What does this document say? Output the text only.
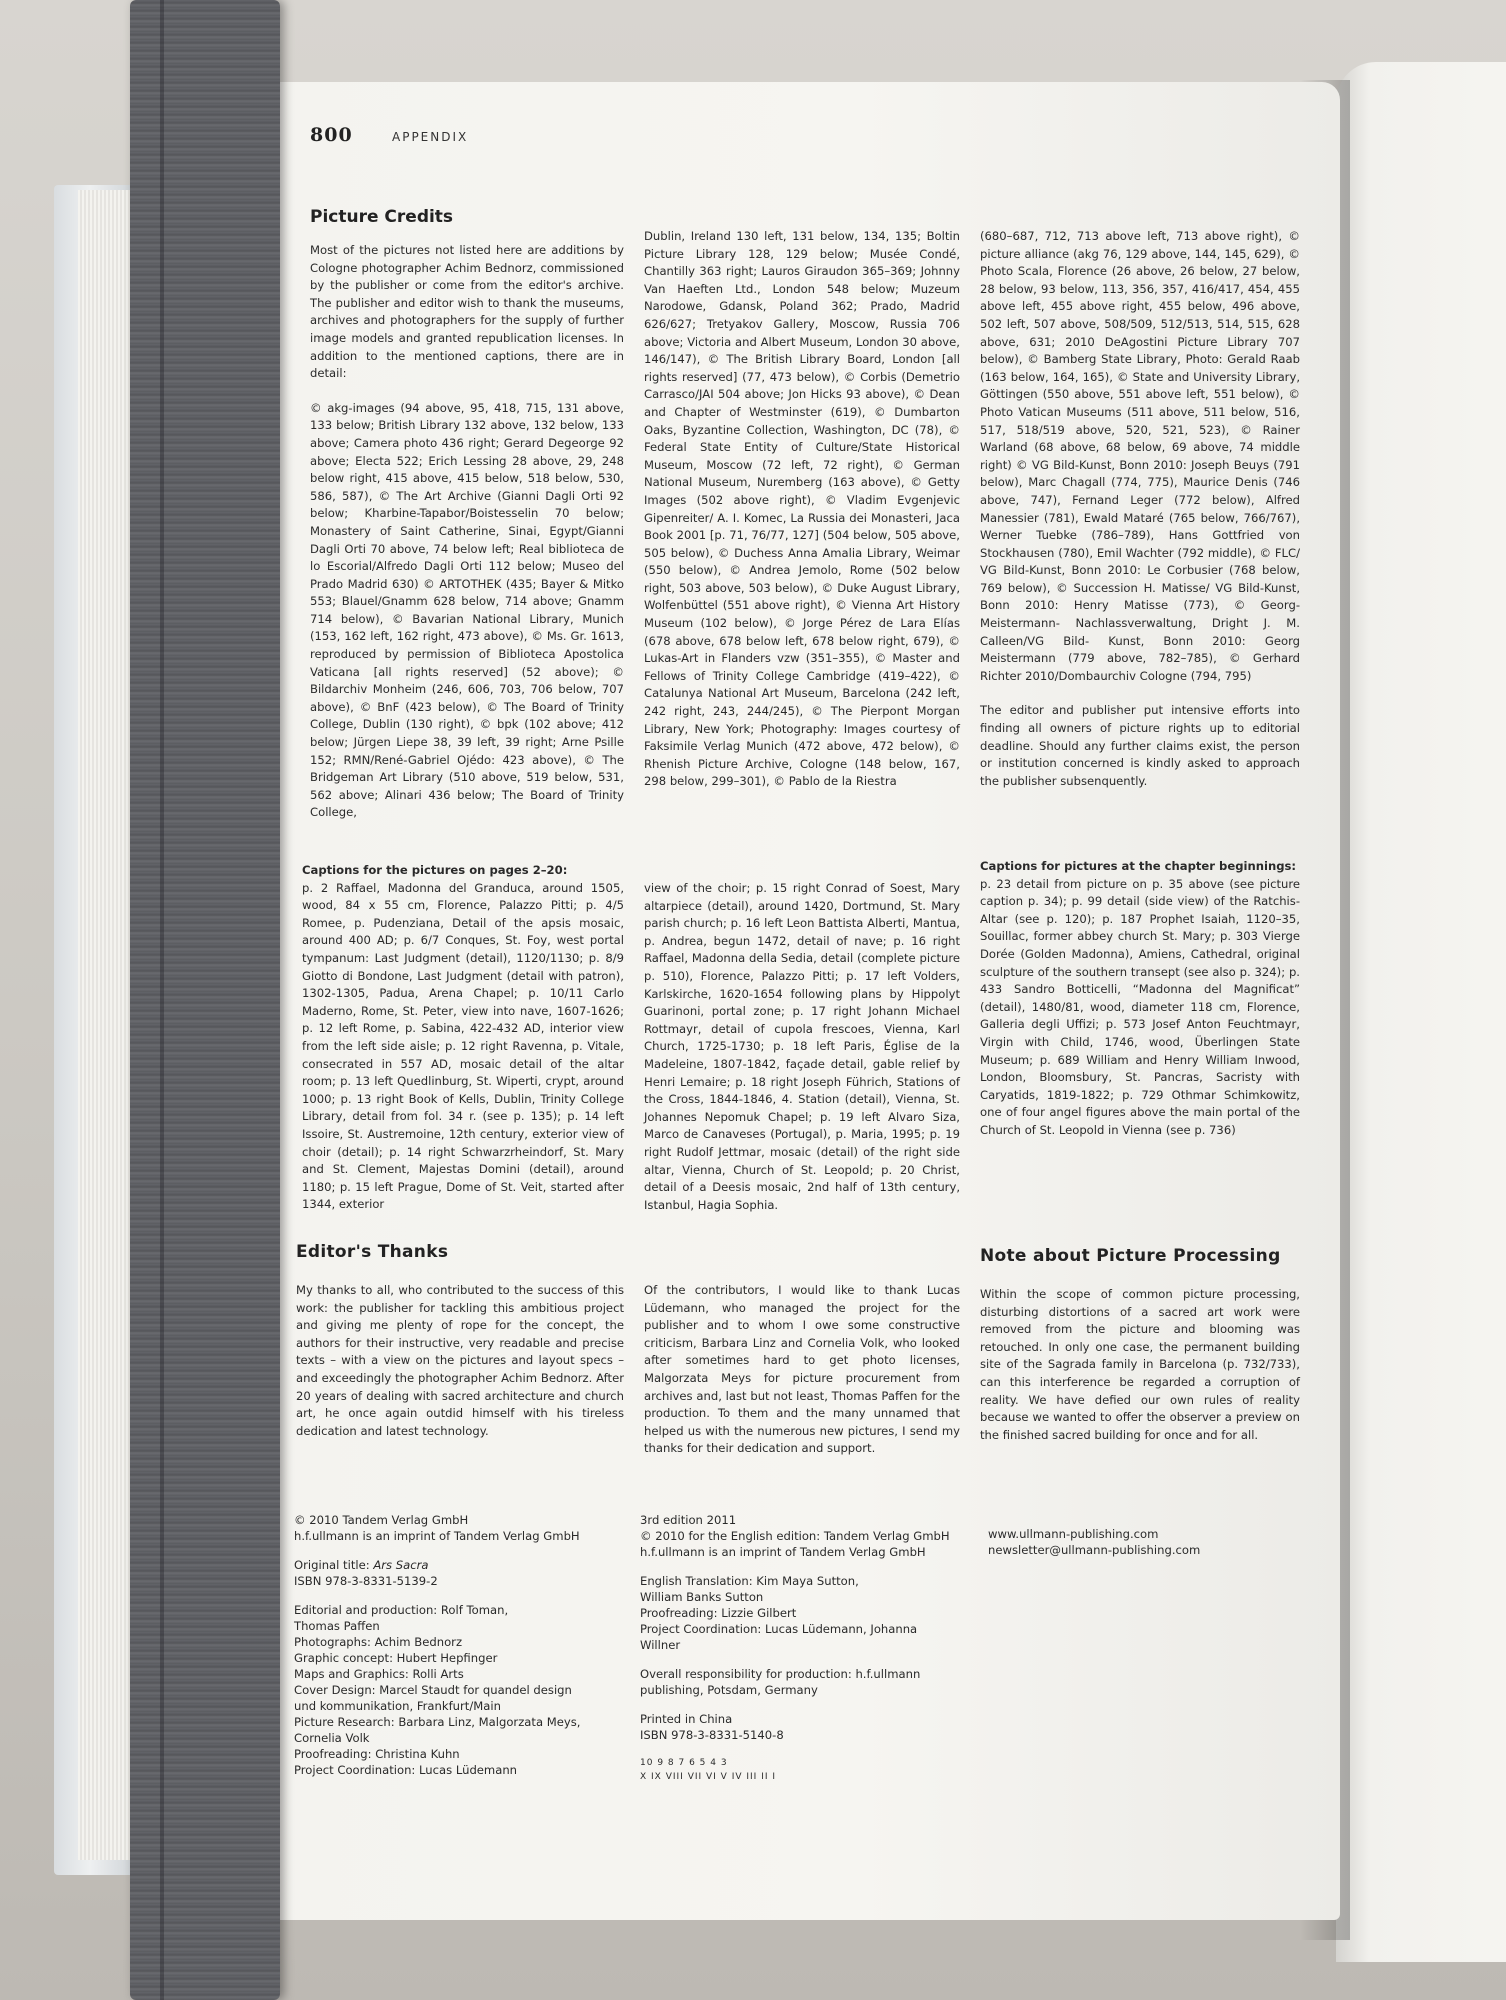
800	APPENDIX
Picture Credits

Most of the pictures not listed here are additions by Cologne photographer Achim Bednorz, commissioned by the publisher or come from the editor's archive. The publisher and editor wish to thank the museums, archives and photographers for the supply of further image models and granted republication licenses. In addition to the mentioned captions, there are in detail:

© akg-images (94 above, 95, 418, 715, 131 above, 133 below; British Library 132 above, 132 below, 133 above; Camera photo 436 right; Gerard Degeorge 92 above; Electa 522; Erich Lessing 28 above, 29, 248 below right, 415 above, 415 below, 518 below, 530, 586, 587), © The Art Archive (Gianni Dagli Orti 92 below; Kharbine-Tapabor/Boistesselin 70 below; Monastery of Saint Catherine, Sinai, Egypt/Gianni Dagli Orti 70 above, 74 below left; Real biblioteca de lo Escorial/Alfredo Dagli Orti 112 below; Museo del Prado Madrid 630) © ARTOTHEK (435; Bayer & Mitko 553; Blauel/Gnamm 628 below, 714 above; Gnamm 714 below), © Bavarian National Library, Munich (153, 162 left, 162 right, 473 above), © Ms. Gr. 1613, reproduced by permission of Biblioteca Apostolica Vaticana [all rights reserved] (52 above); © Bildarchiv Monheim (246, 606, 703, 706 below, 707 above), © BnF (423 below), © The Board of Trinity College, Dublin (130 right), © bpk (102 above; 412 below; Jürgen Liepe 38, 39 left, 39 right; Arne Psille 152; RMN/René-Gabriel Ojédo: 423 above), © The Bridgeman Art Library (510 above, 519 below, 531, 562 above; Alinari 436 below; The Board of Trinity College,

Dublin, Ireland 130 left, 131 below, 134, 135; Boltin Picture Library 128, 129 below; Musée Condé, Chantilly 363 right; Lauros Giraudon 365–369; Johnny Van Haeften Ltd., London 548 below; Muzeum Narodowe, Gdansk, Poland 362; Prado, Madrid 626/627; Tretyakov Gallery, Moscow, Russia 706 above; Victoria and Albert Museum, London 30 above, 146/147), © The British Library Board, London [all rights reserved] (77, 473 below), © Corbis (Demetrio Carrasco/JAI 504 above; Jon Hicks 93 above), © Dean and Chapter of Westminster (619), © Dumbarton Oaks, Byzantine Collection, Washington, DC (78), © Federal State Entity of Culture/State Historical Museum, Moscow (72 left, 72 right), © German National Museum, Nuremberg (163 above), © Getty Images (502 above right), © Vladim Evgenjevic Gipenreiter/ A. I. Komec, La Russia dei Monasteri, Jaca Book 2001 [p. 71, 76/77, 127] (504 below, 505 above, 505 below), © Duchess Anna Amalia Library, Weimar (550 below), © Andrea Jemolo, Rome (502 below right, 503 above, 503 below), © Duke August Library, Wolfenbüttel (551 above right), © Vienna Art History Museum (102 below), © Jorge Pérez de Lara Elías (678 above, 678 below left, 678 below right, 679), © Lukas-Art in Flanders vzw (351–355), © Master and Fellows of Trinity College Cambridge (419–422), © Catalunya National Art Museum, Barcelona (242 left, 242 right, 243, 244/245), © The Pierpont Morgan Library, New York; Photography: Images courtesy of Faksimile Verlag Munich (472 above, 472 below), © Rhenish Picture Archive, Cologne (148 below, 167, 298 below, 299–301), © Pablo de la Riestra

(680–687, 712, 713 above left, 713 above right), © picture alliance (akg 76, 129 above, 144, 145, 629), © Photo Scala, Florence (26 above, 26 below, 27 below, 28 below, 93 below, 113, 356, 357, 416/417, 454, 455 above left, 455 above right, 455 below, 496 above, 502 left, 507 above, 508/509, 512/513, 514, 515, 628 above, 631; 2010 DeAgostini Picture Library 707 below), © Bamberg State Library, Photo: Gerald Raab (163 below, 164, 165), © State and University Library, Göttingen (550 above, 551 above left, 551 below), © Photo Vatican Museums (511 above, 511 below, 516, 517, 518/519 above, 520, 521, 523), © Rainer Warland (68 above, 68 below, 69 above, 74 middle right) © VG Bild-Kunst, Bonn 2010: Joseph Beuys (791 below), Marc Chagall (774, 775), Maurice Denis (746 above, 747), Fernand Leger (772 below), Alfred Manessier (781), Ewald Mataré (765 below, 766/767), Werner Tuebke (786–789), Hans Gottfried von Stockhausen (780), Emil Wachter (792 middle), © FLC/ VG Bild-Kunst, Bonn 2010: Le Corbusier (768 below, 769 below), © Succession H. Matisse/ VG Bild-Kunst, Bonn 2010: Henry Matisse (773), © Georg-Meistermann- Nachlassverwaltung, Dright J. M. Calleen/VG Bild- Kunst, Bonn 2010: Georg Meistermann (779 above, 782–785), © Gerhard Richter 2010/Dombaurchiv Cologne (794, 795)

The editor and publisher put intensive efforts into finding all owners of picture rights up to editorial deadline. Should any further claims exist, the person or institution concerned is kindly asked to approach the publisher subsenquently.

Captions for the pictures on pages 2–20:

p. 2 Raffael, Madonna del Granduca, around 1505, wood, 84 x 55 cm, Florence, Palazzo Pitti; p. 4/5 Romee, p. Pudenziana, Detail of the apsis mosaic, around 400 AD; p. 6/7 Conques, St. Foy, west portal tympanum: Last Judgment (detail), 1120/1130; p. 8/9 Giotto di Bondone, Last Judgment (detail with patron), 1302-1305, Padua, Arena Chapel; p. 10/11 Carlo Maderno, Rome, St. Peter, view into nave, 1607-1626; p. 12 left Rome, p. Sabina, 422-432 AD, interior view from the left side aisle; p. 12 right Ravenna, p. Vitale, consecrated in 557 AD, mosaic detail of the altar room; p. 13 left Quedlinburg, St. Wiperti, crypt, around 1000; p. 13 right Book of Kells, Dublin, Trinity College Library, detail from fol. 34 r. (see p. 135); p. 14 left Issoire, St. Austremoine, 12th century, exterior view of choir (detail); p. 14 right Schwarzrheindorf, St. Mary and St. Clement, Majestas Domini (detail), around 1180; p. 15 left Prague, Dome of St. Veit, started after 1344, exterior

view of the choir; p. 15 right Conrad of Soest, Mary altarpiece (detail), around 1420, Dortmund, St. Mary parish church; p. 16 left Leon Battista Alberti, Mantua, p. Andrea, begun 1472, detail of nave; p. 16 right Raffael, Madonna della Sedia, detail (complete picture p. 510), Florence, Palazzo Pitti; p. 17 left Volders, Karlskirche, 1620-1654 following plans by Hippolyt Guarinoni, portal zone; p. 17 right Johann Michael Rottmayr, detail of cupola frescoes, Vienna, Karl Church, 1725-1730; p. 18 left Paris, Église de la Madeleine, 1807-1842, façade detail, gable relief by Henri Lemaire; p. 18 right Joseph Führich, Stations of the Cross, 1844-1846, 4. Station (detail), Vienna, St. Johannes Nepomuk Chapel; p. 19 left Alvaro Siza, Marco de Canaveses (Portugal), p. Maria, 1995; p. 19 right Rudolf Jettmar, mosaic (detail) of the right side altar, Vienna, Church of St. Leopold; p. 20 Christ, detail of a Deesis mosaic, 2nd half of 13th century, Istanbul, Hagia Sophia.

Captions for pictures at the chapter beginnings:

p. 23 detail from picture on p. 35 above (see picture caption p. 34); p. 99 detail (side view) of the Ratchis-Altar (see p. 120); p. 187 Prophet Isaiah, 1120–35, Souillac, former abbey church St. Mary; p. 303 Vierge Dorée (Golden Madonna), Amiens, Cathedral, original sculpture of the southern transept (see also p. 324); p. 433 Sandro Botticelli, “Madonna del Magnificat” (detail), 1480/81, wood, diameter 118 cm, Florence, Galleria degli Uffizi; p. 573 Josef Anton Feuchtmayr, Virgin with Child, 1746, wood, Überlingen State Museum; p. 689 William and Henry William Inwood, London, Bloomsbury, St. Pancras, Sacristy with Caryatids, 1819-1822; p. 729 Othmar Schimkowitz, one of four angel figures above the main portal of the Church of St. Leopold in Vienna (see p. 736)

Editor's Thanks

My thanks to all, who contributed to the success of this work: the publisher for tackling this ambitious project and giving me plenty of rope for the concept, the authors for their instructive, very readable and precise texts – with a view on the pictures and layout specs – and exceedingly the photographer Achim Bednorz. After 20 years of dealing with sacred architecture and church art, he once again outdid himself with his tireless dedication and latest technology.

Of the contributors, I would like to thank Lucas Lüdemann, who managed the project for the publisher and to whom I owe some constructive criticism, Barbara Linz and Cornelia Volk, who looked after sometimes hard to get photo licenses, Malgorzata Meys for picture procurement from archives and, last but not least, Thomas Paffen for the production. To them and the many unnamed that helped us with the numerous new pictures, I send my thanks for their dedication and support.

Note about Picture Processing

Within the scope of common picture processing, disturbing distortions of a sacred art work were removed from the picture and blooming was retouched. In only one case, the permanent building site of the Sagrada family in Barcelona (p. 732/733), can this interference be regarded a corruption of reality. We have defied our own rules of reality because we wanted to offer the observer a preview on the finished sacred building for once and for all.

© 2010 Tandem Verlag GmbH
h.f.ullmann is an imprint of Tandem Verlag GmbH
Original title: Ars Sacra
ISBN 978-3-8331-5139-2
Editorial and production: Rolf Toman,
Thomas Paffen
Photographs: Achim Bednorz
Graphic concept: Hubert Hepfinger
Maps and Graphics: Rolli Arts
Cover Design: Marcel Staudt for quandel design
und kommunikation, Frankfurt/Main
Picture Research: Barbara Linz, Malgorzata Meys,
Cornelia Volk
Proofreading: Christina Kuhn
Project Coordination: Lucas Lüdemann
3rd edition 2011
© 2010 for the English edition: Tandem Verlag GmbH
h.f.ullmann is an imprint of Tandem Verlag GmbH
English Translation: Kim Maya Sutton,
William Banks Sutton
Proofreading: Lizzie Gilbert
Project Coordination: Lucas Lüdemann, Johanna
Willner
Overall responsibility for production: h.f.ullmann
publishing, Potsdam, Germany
Printed in China
ISBN 978-3-8331-5140-8
10 9 8 7 6 5 4 3
X IX VIII VII VI V IV III II I
www.ullmann-publishing.com
newsletter@ullmann-publishing.com
